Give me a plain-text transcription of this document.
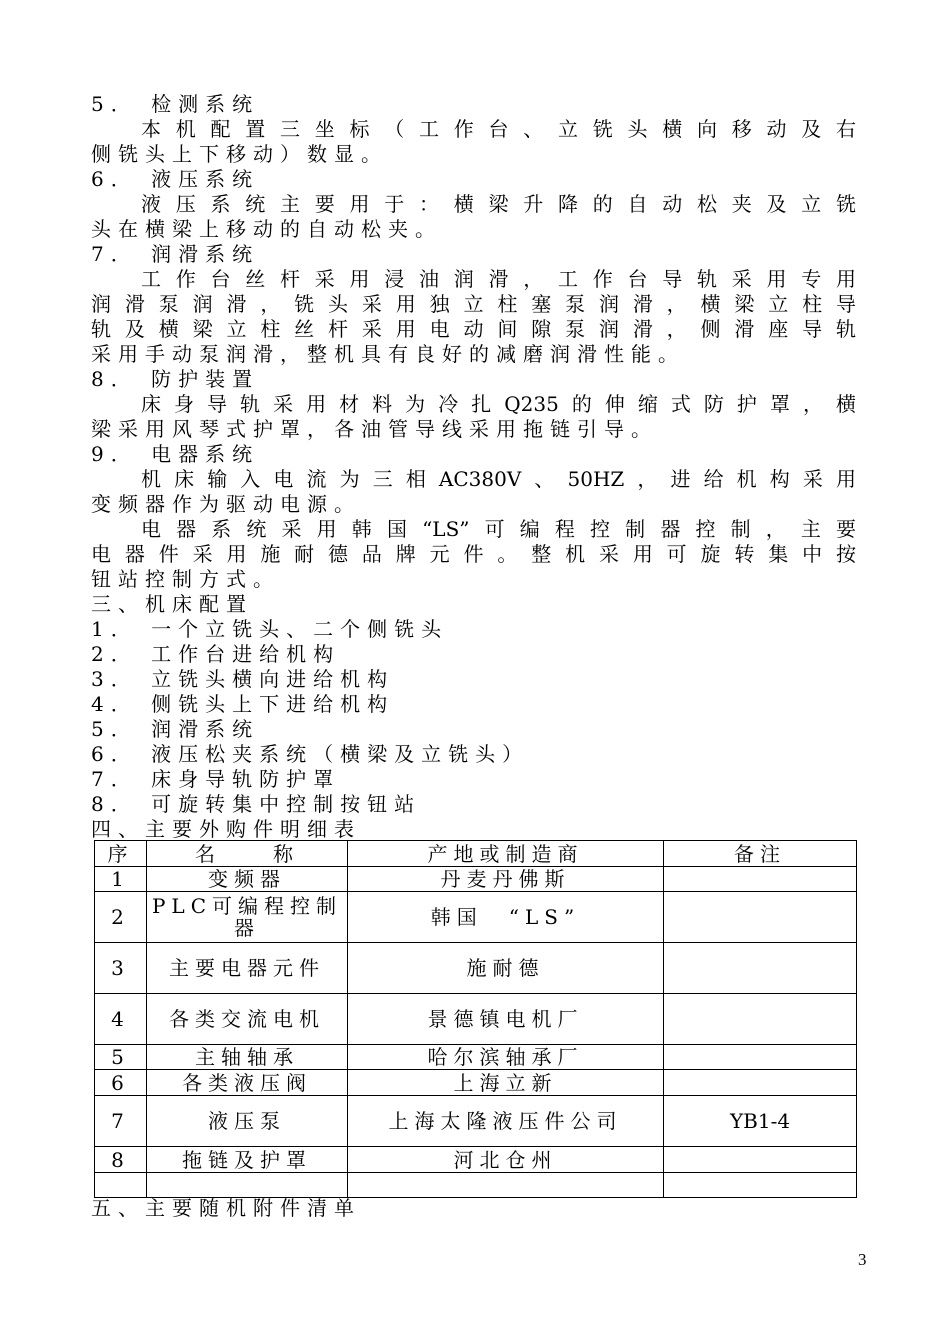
5． 检测系统
本机配置三坐标（工作台、立铣头横向移动及右
侧铣头上下移动）数显。
6． 液压系统
液压系统主要用于：横梁升降的自动松夹及立铣
头在横梁上移动的自动松夹。
7． 润滑系统
工作台丝杆采用浸油润滑，工作台导轨采用专用
润滑泵润滑，铣头采用独立柱塞泵润滑，横梁立柱导
轨及横梁立柱丝杆采用电动间隙泵润滑，侧滑座导轨
采用手动泵润滑，整机具有良好的减磨润滑性能。
8． 防护装置
床身导轨采用材料为冷扎Q235的伸缩式防护罩，横
梁采用风琴式护罩，各油管导线采用拖链引导。
9． 电器系统
机床输入电流为三相AC380V、50HZ，进给机构采用
变频器作为驱动电源。
电器系统采用韩国“LS”可编程控制器控制，主要
电器件采用施耐德品牌元件。整机采用可旋转集中按
钮站控制方式。
三、机床配置
1． 一个立铣头、二个侧铣头
2． 工作台进给机构
3． 立铣头横向进给机构
4． 侧铣头上下进给机构
5． 润滑系统
6． 液压松夹系统（横梁及立铣头）
7． 床身导轨防护罩
8． 可旋转集中控制按钮站
四、主要外购件明细表
序	名　　称	产地或制造商	备注
1	变频器	丹麦丹佛斯	
2	PLC可编程控制器	韩国　“LS”	
3	主要电器元件	施耐德	
4	各类交流电机	景德镇电机厂	
5	主轴轴承	哈尔滨轴承厂	
6	各类液压阀	上海立新	
7	液压泵	上海太隆液压件公司	YB1-4
8	拖链及护罩	河北仓州	

五、主要随机附件清单
3
